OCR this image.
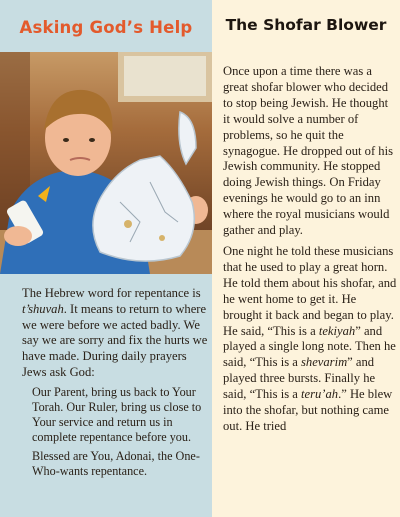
Asking God’s Help

The Hebrew word for repentance is t’shuvah. It means to return to where we were before we acted badly. We say we are sorry and fix the hurts we have made. During daily prayers Jews ask God:

Our Parent, bring us back to Your Torah. Our Ruler, bring us close to Your service and return us in complete repentance before you.

Blessed are You, Adonai, the One-Who-wants repentance.

The Shofar Blower

Once upon a time there was a great shofar blower who decided to stop being Jewish. He thought it would solve a number of problems, so he quit the synagogue. He dropped out of his Jewish community. He stopped doing Jewish things. On Friday evenings he would go to an inn where the royal musicians would gather and play.

One night he told these musicians that he used to play a great horn. He told them about his shofar, and he went home to get it. He brought it back and began to play. He said, “This is a tekiyah” and played a single long note. Then he said, “This is a shevarim” and played three bursts. Finally he said, “This is a teru’ah.” He blew into the shofar, but nothing came out. He tried
